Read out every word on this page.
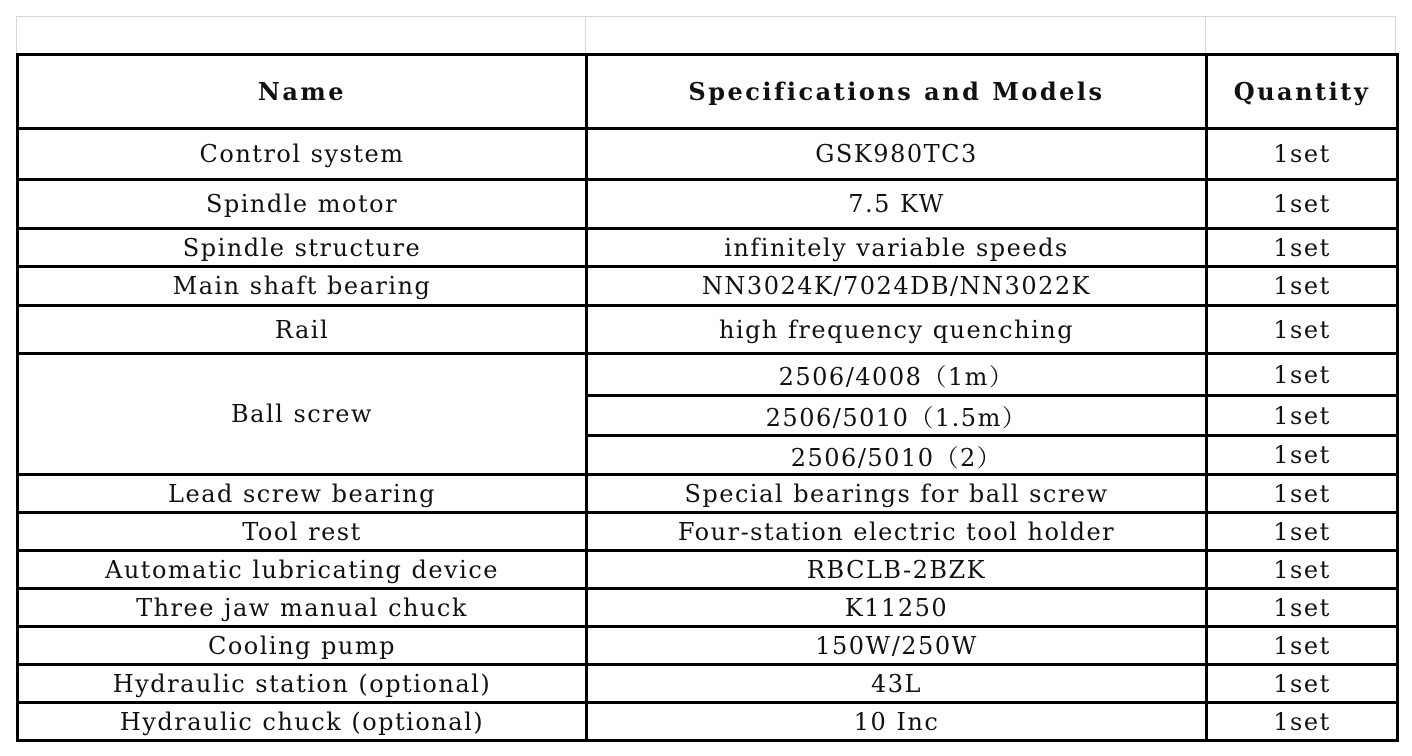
Name	Specifications and Models	Quantity
Control system	GSK980TC3	1set
Spindle motor	7.5 KW	1set
Spindle structure	infinitely variable speeds	1set
Main shaft bearing	NN3024K/7024DB/NN3022K	1set
Rail	high frequency quenching	1set
Ball screw	2506/4008（1m）	1set
	2506/5010（1.5m）	1set
	2506/5010（2）	1set
Lead screw bearing	Special bearings for ball screw	1set
Tool rest	Four-station electric tool holder	1set
Automatic lubricating device	RBCLB-2BZK	1set
Three jaw manual chuck	K11250	1set
Cooling pump	150W/250W	1set
Hydraulic station (optional)	43L	1set
Hydraulic chuck (optional)	10 Inc	1set
